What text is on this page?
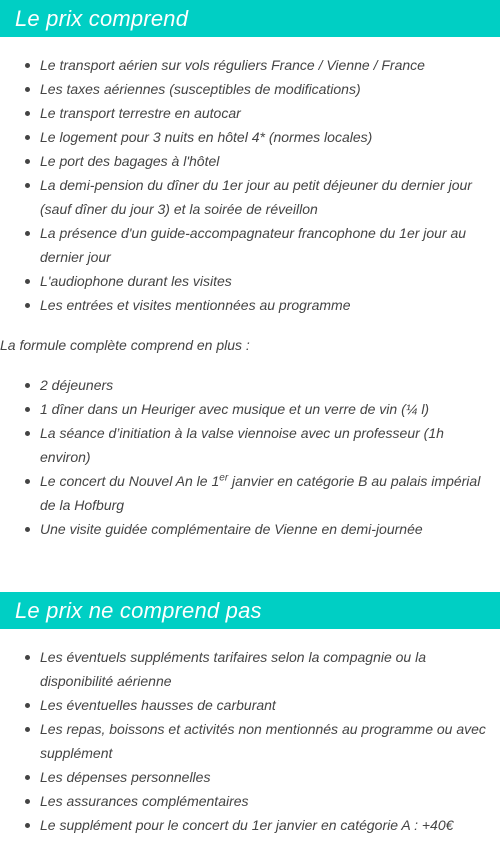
Le prix comprend
Le transport aérien sur vols réguliers France / Vienne / France
Les taxes aériennes (susceptibles de modifications)
Le transport terrestre en autocar
Le logement pour 3 nuits en hôtel 4* (normes locales)
Le port des bagages à l'hôtel
La demi-pension du dîner du 1er jour au petit déjeuner du dernier jour (sauf dîner du jour 3) et la soirée de réveillon
La présence d'un guide-accompagnateur francophone du 1er jour au dernier jour
L'audiophone durant les visites
Les entrées et visites mentionnées au programme

La formule complète comprend en plus :

2 déjeuners
1 dîner dans un Heuriger avec musique et un verre de vin (¼ l)
La séance d’initiation à la valse viennoise avec un professeur (1h environ)
Le concert du Nouvel An le 1er janvier en catégorie B au palais impérial de la Hofburg
Une visite guidée complémentaire de Vienne en demi-journée
Le prix ne comprend pas
Les éventuels suppléments tarifaires selon la compagnie ou la disponibilité aérienne
Les éventuelles hausses de carburant
Les repas, boissons et activités non mentionnés au programme ou avec supplément
Les dépenses personnelles
Les assurances complémentaires
Le supplément pour le concert du 1er janvier en catégorie A : +40€
